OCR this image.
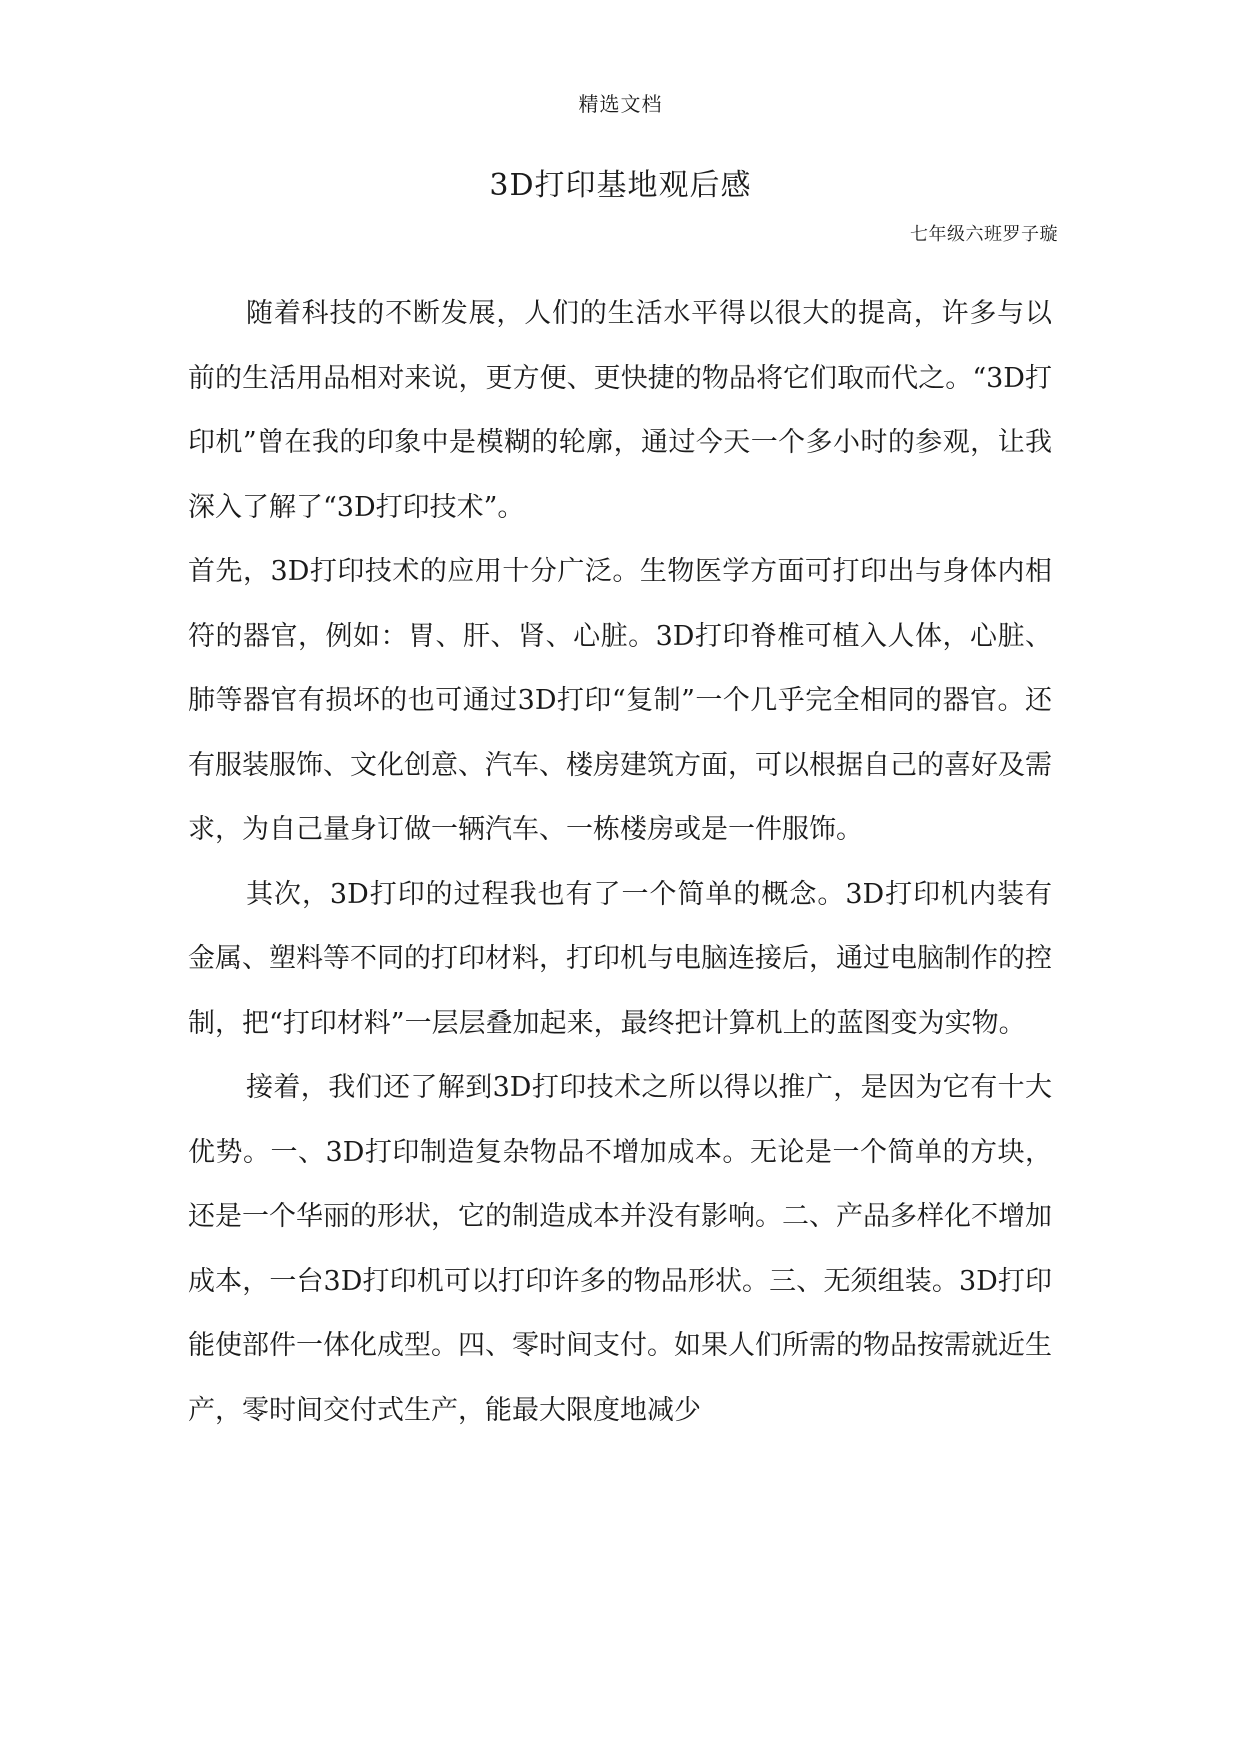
精选文档
3D打印基地观后感
七年级六班罗子璇

随着科技的不断发展，人们的生活水平得以很大的提高，许多与以前的生活用品相对来说，更方便、更快捷的物品将它们取而代之。“3D打印机”曾在我的印象中是模糊的轮廓，通过今天一个多小时的参观，让我深入了解了“3D打印技术”。

首先，3D打印技术的应用十分广泛。生物医学方面可打印出与身体内相符的器官，例如：胃、肝、肾、心脏。3D打印脊椎可植入人体，心脏、肺等器官有损坏的也可通过3D打印“复制”一个几乎完全相同的器官。还有服装服饰、文化创意、汽车、楼房建筑方面，可以根据自己的喜好及需求，为自己量身订做一辆汽车、一栋楼房或是一件服饰。

其次，3D打印的过程我也有了一个简单的概念。3D打印机内装有金属、塑料等不同的打印材料，打印机与电脑连接后，通过电脑制作的控制，把“打印材料”一层层叠加起来，最终把计算机上的蓝图变为实物。

接着，我们还了解到3D打印技术之所以得以推广，是因为它有十大优势。一、3D打印制造复杂物品不增加成本。无论是一个简单的方块，还是一个华丽的形状，它的制造成本并没有影响。二、产品多样化不增加成本，一台3D打印机可以打印许多的物品形状。三、无须组装。3D打印能使部件一体化成型。四、零时间支付。如果人们所需的物品按需就近生产，零时间交付式生产，能最大限度地减少
